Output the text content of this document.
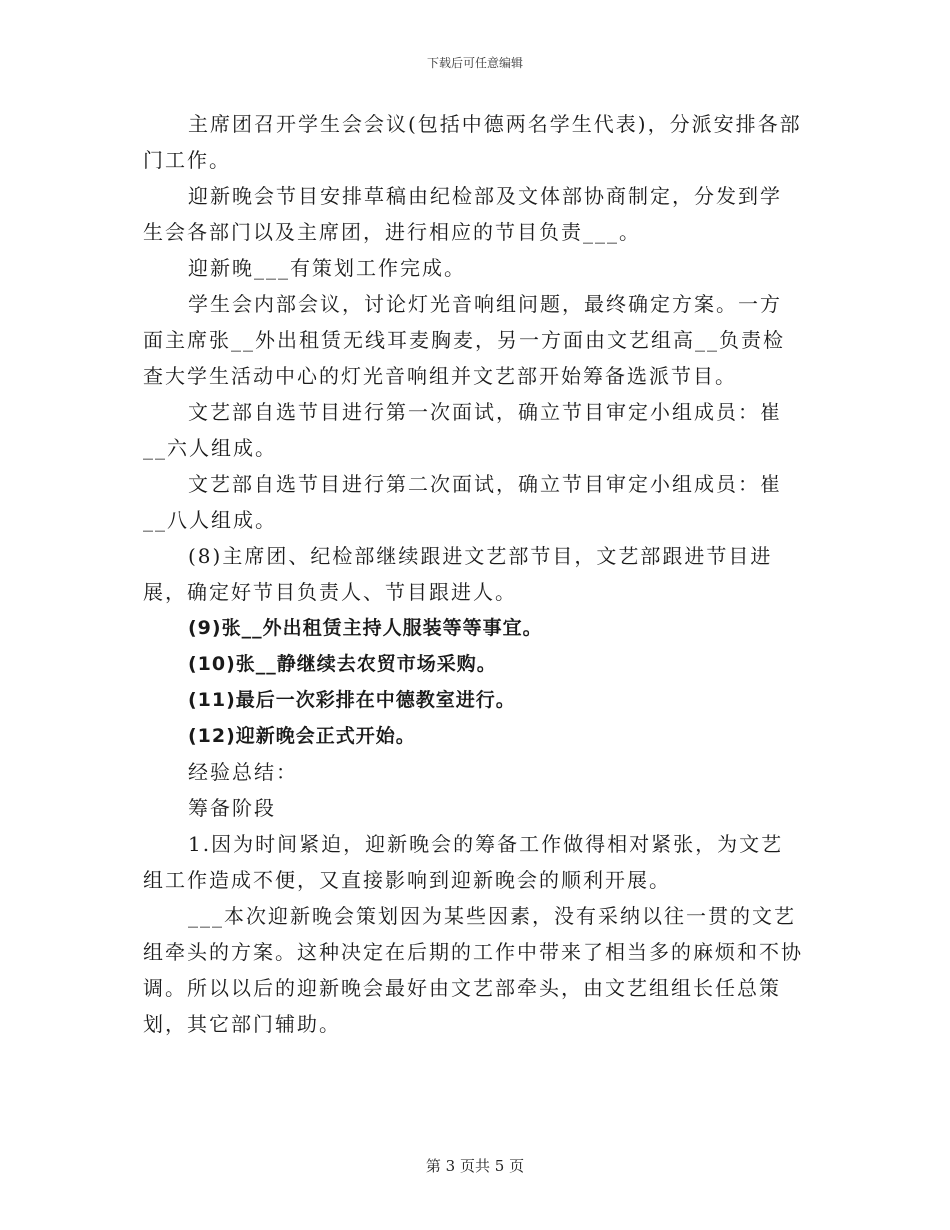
下载后可任意编辑

主席团召开学生会会议(包括中德两名学生代表)，分派安排各部门工作。

迎新晚会节目安排草稿由纪检部及文体部协商制定，分发到学生会各部门以及主席团，进行相应的节目负责___。

迎新晚___有策划工作完成。

学生会内部会议，讨论灯光音响组问题，最终确定方案。一方面主席张__外出租赁无线耳麦胸麦，另一方面由文艺组高__负责检查大学生活动中心的灯光音响组并文艺部开始筹备选派节目。

文艺部自选节目进行第一次面试，确立节目审定小组成员：崔__六人组成。

文艺部自选节目进行第二次面试，确立节目审定小组成员：崔__八人组成。

(8)主席团、纪检部继续跟进文艺部节目，文艺部跟进节目进展，确定好节目负责人、节目跟进人。

(9)张__外出租赁主持人服装等等事宜。

(10)张__静继续去农贸市场采购。

(11)最后一次彩排在中德教室进行。

(12)迎新晚会正式开始。

经验总结：

筹备阶段

1.因为时间紧迫，迎新晚会的筹备工作做得相对紧张，为文艺组工作造成不便，又直接影响到迎新晚会的顺利开展。

___本次迎新晚会策划因为某些因素，没有采纳以往一贯的文艺组牵头的方案。这种决定在后期的工作中带来了相当多的麻烦和不协调。所以以后的迎新晚会最好由文艺部牵头，由文艺组组长任总策划，其它部门辅助。

第 3 页共 5 页
